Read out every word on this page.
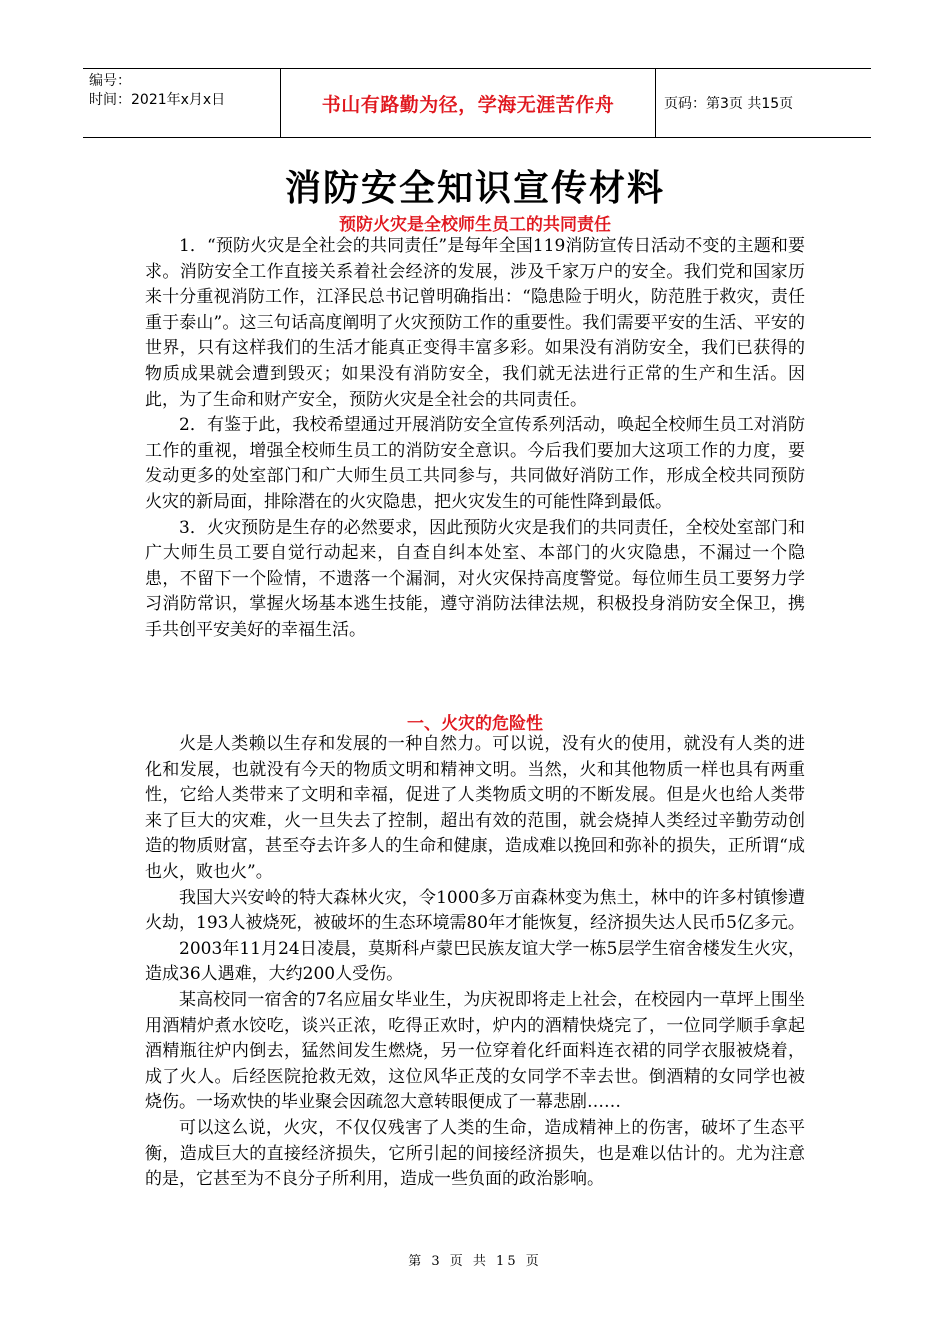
编号：
时间：2021年x月x日	书山有路勤为径，学海无涯苦作舟	页码：第3页 共15页
消防安全知识宣传材料
预防火灾是全校师生员工的共同责任

1．“预防火灾是全社会的共同责任”是每年全国119消防宣传日活动不变的主题和要求。消防安全工作直接关系着社会经济的发展，涉及千家万户的安全。我们党和国家历来十分重视消防工作，江泽民总书记曾明确指出：“隐患险于明火，防范胜于救灾，责任重于泰山”。这三句话高度阐明了火灾预防工作的重要性。我们需要平安的生活、平安的世界，只有这样我们的生活才能真正变得丰富多彩。如果没有消防安全，我们已获得的物质成果就会遭到毁灭；如果没有消防安全，我们就无法进行正常的生产和生活。因此，为了生命和财产安全，预防火灾是全社会的共同责任。

2．有鉴于此，我校希望通过开展消防安全宣传系列活动，唤起全校师生员工对消防工作的重视，增强全校师生员工的消防安全意识。今后我们要加大这项工作的力度，要发动更多的处室部门和广大师生员工共同参与，共同做好消防工作，形成全校共同预防火灾的新局面，排除潜在的火灾隐患，把火灾发生的可能性降到最低。

3．火灾预防是生存的必然要求，因此预防火灾是我们的共同责任，全校处室部门和广大师生员工要自觉行动起来，自查自纠本处室、本部门的火灾隐患，不漏过一个隐患，不留下一个险情，不遗落一个漏洞，对火灾保持高度警觉。每位师生员工要努力学习消防常识，掌握火场基本逃生技能，遵守消防法律法规，积极投身消防安全保卫，携手共创平安美好的幸福生活。

一、火灾的危险性

火是人类赖以生存和发展的一种自然力。可以说，没有火的使用，就没有人类的进化和发展，也就没有今天的物质文明和精神文明。当然，火和其他物质一样也具有两重性，它给人类带来了文明和幸福，促进了人类物质文明的不断发展。但是火也给人类带来了巨大的灾难，火一旦失去了控制，超出有效的范围，就会烧掉人类经过辛勤劳动创造的物质财富，甚至夺去许多人的生命和健康，造成难以挽回和弥补的损失，正所谓“成也火，败也火”。

我国大兴安岭的特大森林火灾，令1000多万亩森林变为焦土，林中的许多村镇惨遭火劫，193人被烧死，被破坏的生态环境需80年才能恢复，经济损失达人民币5亿多元。

2003年11月24日凌晨，莫斯科卢蒙巴民族友谊大学一栋5层学生宿舍楼发生火灾，造成36人遇难，大约200人受伤。

某高校同一宿舍的7名应届女毕业生，为庆祝即将走上社会，在校园内一草坪上围坐用酒精炉煮水饺吃，谈兴正浓，吃得正欢时，炉内的酒精快烧完了，一位同学顺手拿起酒精瓶往炉内倒去，猛然间发生燃烧，另一位穿着化纤面料连衣裙的同学衣服被烧着，成了火人。后经医院抢救无效，这位风华正茂的女同学不幸去世。倒酒精的女同学也被烧伤。一场欢快的毕业聚会因疏忽大意转眼便成了一幕悲剧……

可以这么说，火灾，不仅仅残害了人类的生命，造成精神上的伤害，破坏了生态平衡，造成巨大的直接经济损失，它所引起的间接经济损失，也是难以估计的。尤为注意的是，它甚至为不良分子所利用，造成一些负面的政治影响。

第 3 页 共 15 页
